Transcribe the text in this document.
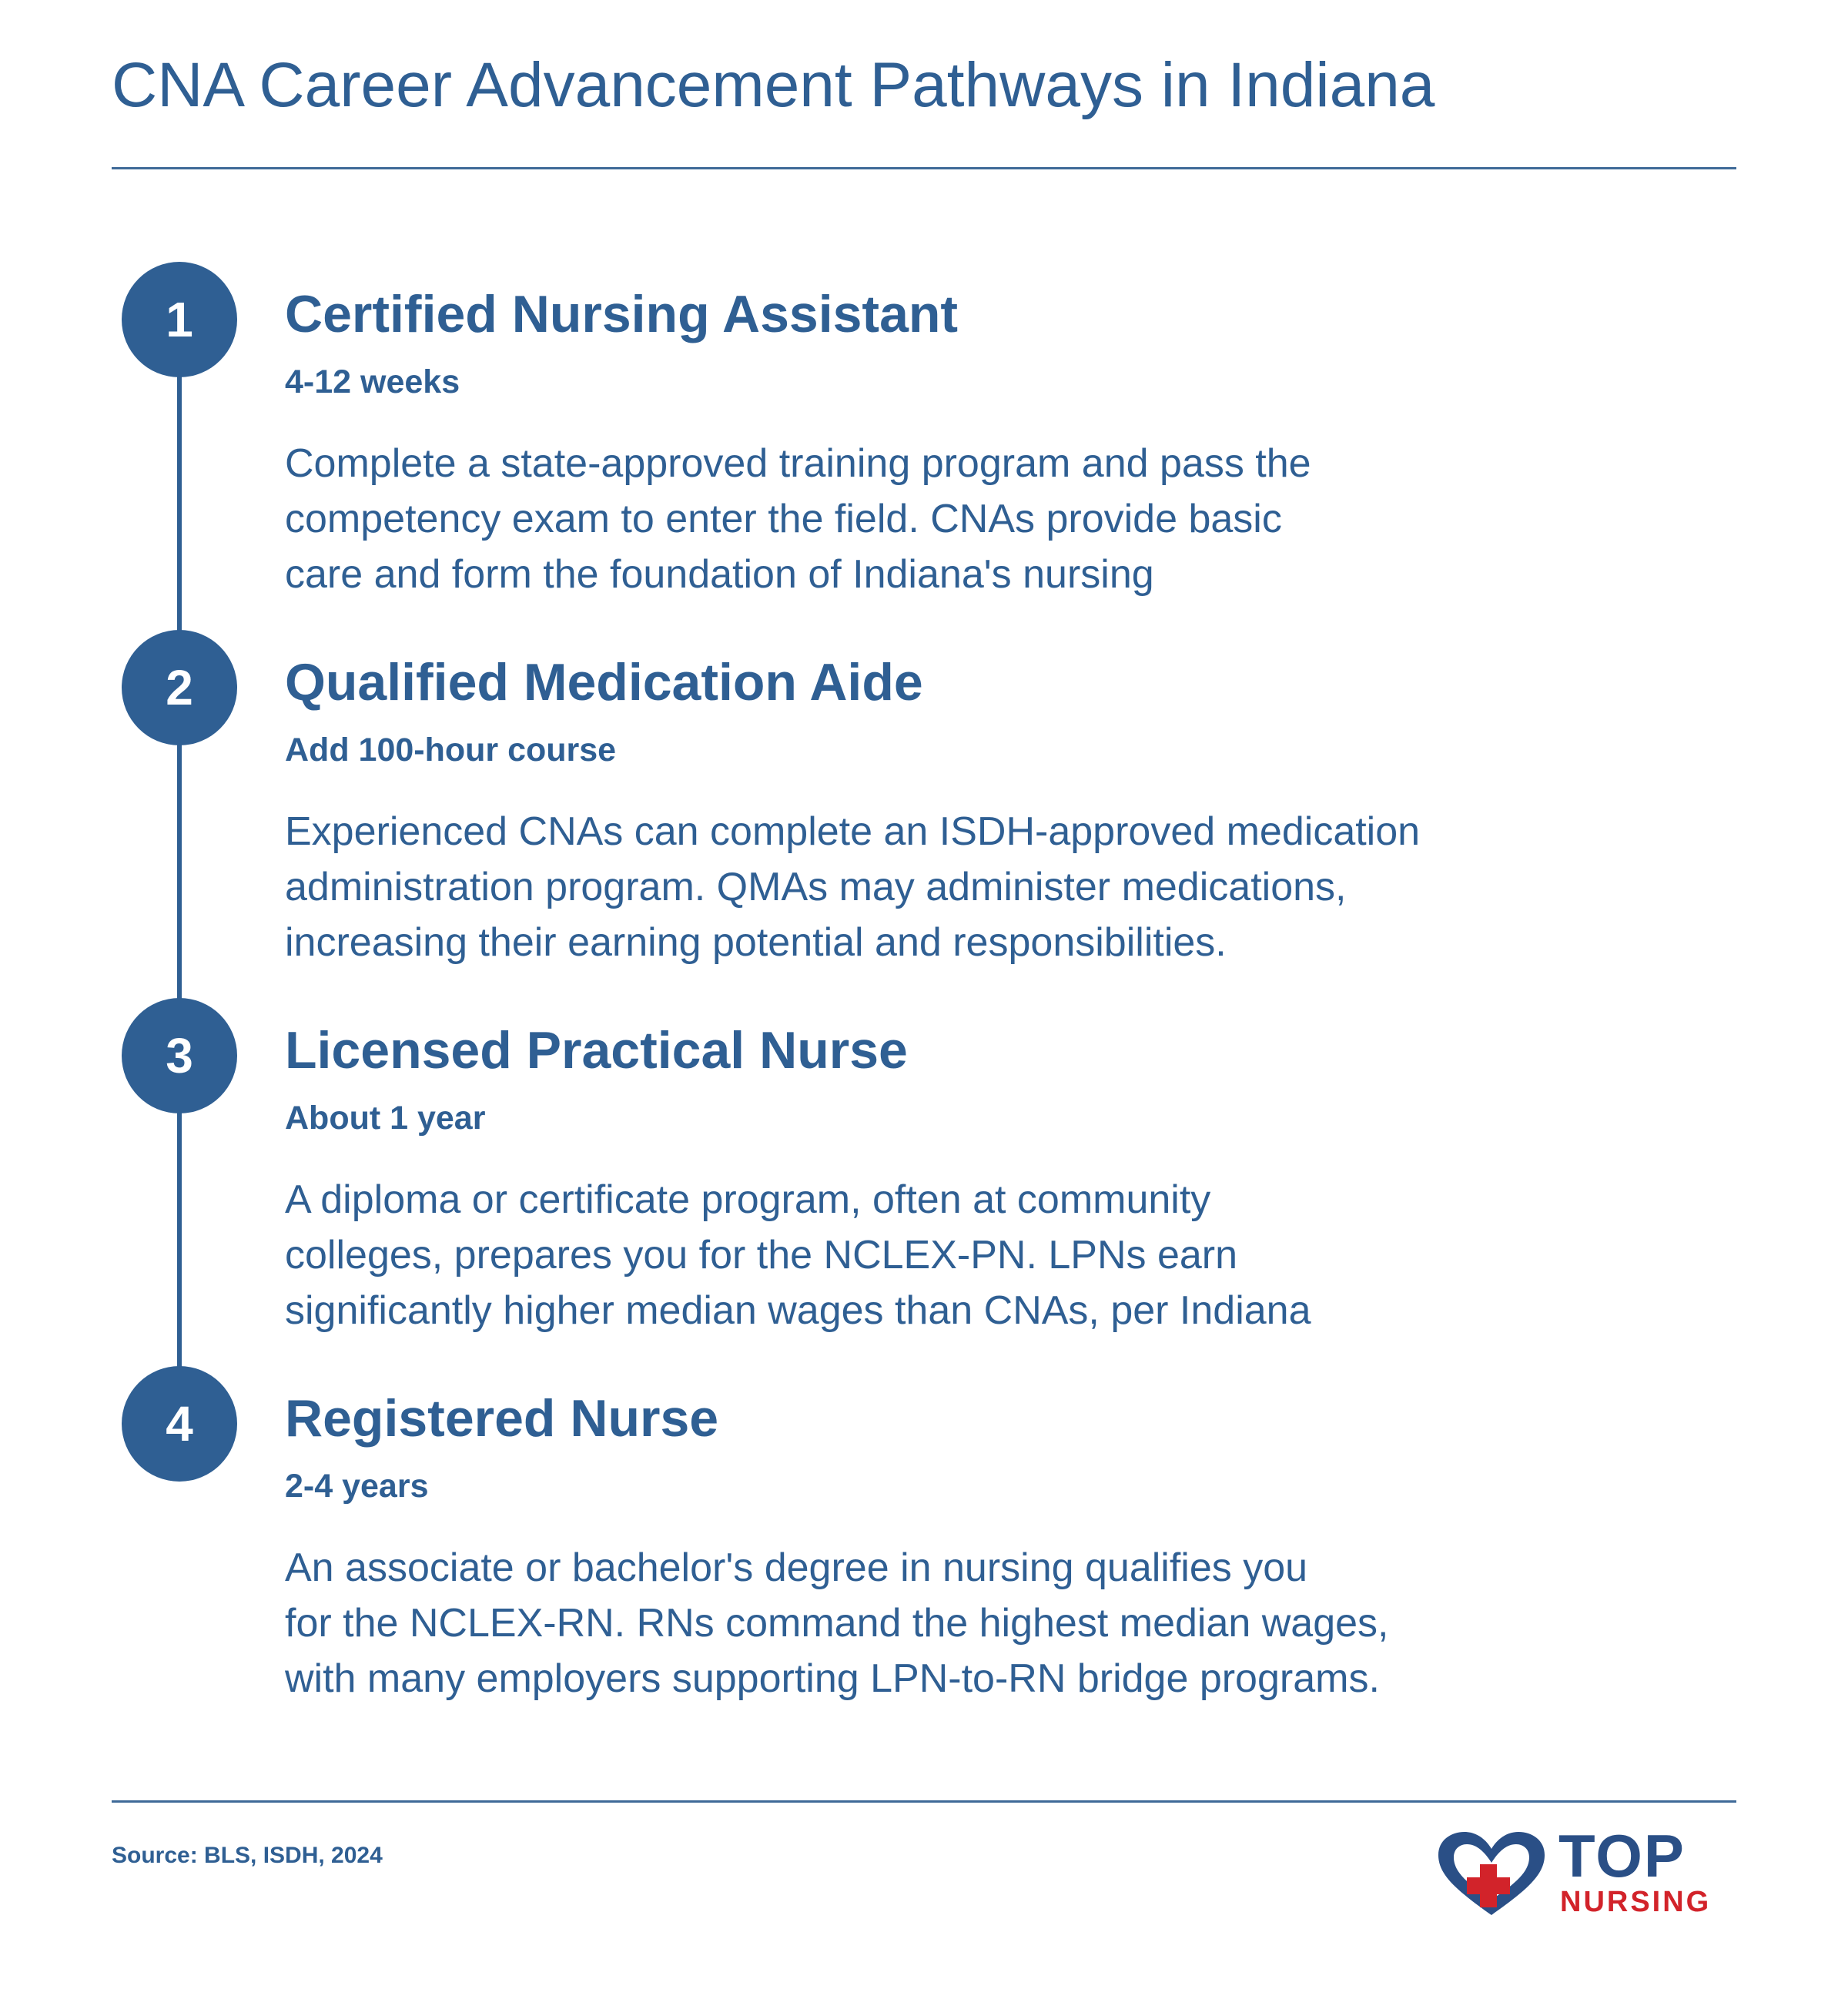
CNA Career Advancement Pathways in Indiana
1	Certified Nursing Assistant
4-12 weeks
Complete a state-approved training program and pass the
competency exam to enter the field. CNAs provide basic
care and form the foundation of Indiana's nursing
2	Qualified Medication Aide
Add 100-hour course
Experienced CNAs can complete an ISDH-approved medication
administration program. QMAs may administer medications,
increasing their earning potential and responsibilities.
3	Licensed Practical Nurse
About 1 year
A diploma or certificate program, often at community
colleges, prepares you for the NCLEX-PN. LPNs earn
significantly higher median wages than CNAs, per Indiana
4	Registered Nurse
2-4 years
An associate or bachelor's degree in nursing qualifies you
for the NCLEX-RN. RNs command the highest median wages,
with many employers supporting LPN-to-RN bridge programs.
Source: BLS, ISDH, 2024	TOP
NURSING
